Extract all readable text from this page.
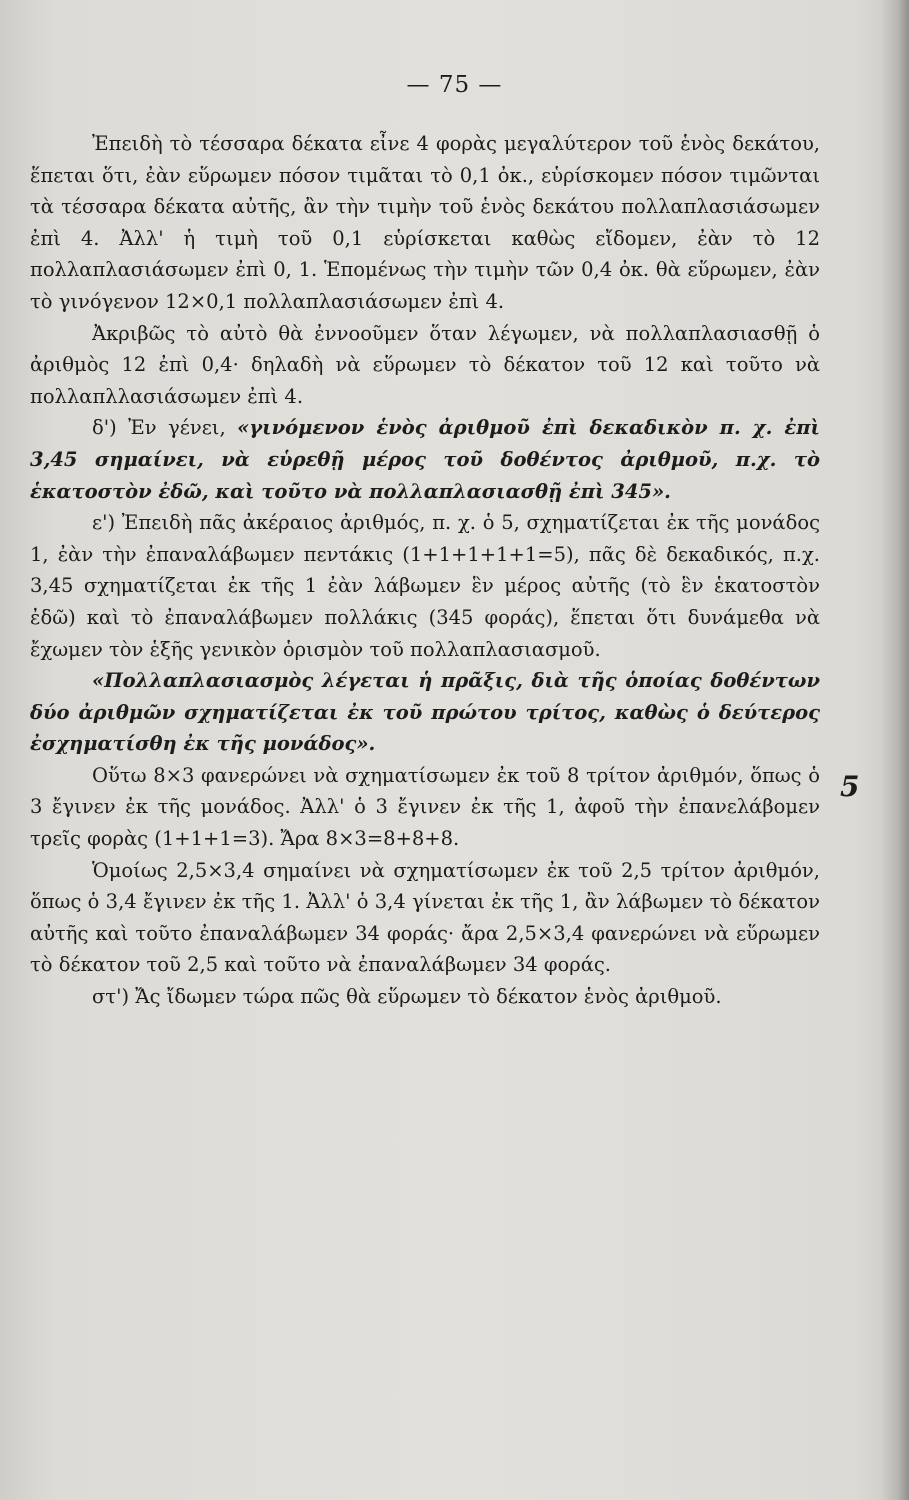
— 75 —

Ἐπειδὴ τὸ τέσσαρα δέκατα εἶνε 4 φορὰς μεγαλύτερον τοῦ ἑνὸς δεκάτου, ἕπεται ὅτι, ἐὰν εὕρωμεν πόσον τιμᾶται τὸ 0,1 ὀκ., εὑρίσκομεν πόσον τιμῶνται τὰ τέσσαρα δέκατα αὐτῆς, ἂν τὴν τιμὴν τοῦ ἑνὸς δεκάτου πολλαπλασιάσωμεν ἐπὶ 4. Ἀλλ' ἡ τιμὴ τοῦ 0,1 εὑρίσκεται καθὼς εἴδομεν, ἐὰν τὸ 12 πολλαπλασιάσωμεν ἐπὶ 0, 1. Ἑπομένως τὴν τιμὴν τῶν 0,4 ὀκ. θὰ εὕρωμεν, ἐὰν τὸ γινόγενον 12×0,1 πολλαπλασιάσωμεν ἐπὶ 4.

Ἀκριβῶς τὸ αὐτὸ θὰ ἐννοοῦμεν ὅταν λέγωμεν, νὰ πολλαπλασιασθῇ ὁ ἀριθμὸς 12 ἐπὶ 0,4· δηλαδὴ νὰ εὕρωμεν τὸ δέκατον τοῦ 12 καὶ τοῦτο νὰ πολλαπλλασιάσωμεν ἐπὶ 4.

δ') Ἐν γένει, «γινόμενον ἑνὸς ἀριθμοῦ ἐπὶ δεκαδικὸν π. χ. ἐπὶ 3,45 σημαίνει, νὰ εὑρεθῇ μέρος τοῦ δοθέντος ἀριθμοῦ, π.χ. τὸ ἑκατοστὸν ἐδῶ, καὶ τοῦτο νὰ πολλαπλασιασθῇ ἐπὶ 345».

ε') Ἐπειδὴ πᾶς ἀκέραιος ἀριθμός, π. χ. ὁ 5, σχηματίζεται ἐκ τῆς μονάδος 1, ἐὰν τὴν ἐπαναλάβωμεν πεντάκις (1+1+1+1+1=5), πᾶς δὲ δεκαδικός, π.χ. 3,45 σχηματίζεται ἐκ τῆς 1 ἐὰν λάβωμεν ἓν μέρος αὐτῆς (τὸ ἓν ἑκατοστὸν ἐδῶ) καὶ τὸ ἐπαναλάβωμεν πολλάκις (345 φοράς), ἕπεται ὅτι δυνάμεθα νὰ ἔχωμεν τὸν ἑξῆς γενικὸν ὁρισμὸν τοῦ πολλαπλασιασμοῦ.

«Πολλαπλασιασμὸς λέγεται ἡ πρᾶξις, διὰ τῆς ὁποίας δοθέντων δύο ἀριθμῶν σχηματίζεται ἐκ τοῦ πρώτου τρίτος, καθὼς ὁ δεύτερος ἐσχηματίσθη ἐκ τῆς μονάδος».

Οὕτω 8×3 φανερώνει νὰ σχηματίσωμεν ἐκ τοῦ 8 τρίτον ἀριθμόν, ὅπως ὁ 3 ἔγινεν ἐκ τῆς μονάδος. Ἀλλ' ὁ 3 ἔγινεν ἐκ τῆς 1, ἀφοῦ τὴν ἐπανελάβομεν τρεῖς φορὰς (1+1+1=3). Ἄρα 8×3=8+8+8.

Ὁμοίως 2,5×3,4 σημαίνει νὰ σχηματίσωμεν ἐκ τοῦ 2,5 τρίτον ἀριθμόν, ὅπως ὁ 3,4 ἔγινεν ἐκ τῆς 1. Ἀλλ' ὁ 3,4 γίνεται ἐκ τῆς 1, ἂν λάβωμεν τὸ δέκατον αὐτῆς καὶ τοῦτο ἐπαναλάβωμεν 34 φοράς· ἄρα 2,5×3,4 φανερώνει νὰ εὕρωμεν τὸ δέκατον τοῦ 2,5 καὶ τοῦτο νὰ ἐπαναλάβωμεν 34 φοράς.

στ') Ἄς ἴδωμεν τώρα πῶς θὰ εὕρωμεν τὸ δέκατον ἑνὸς ἀριθμοῦ.

5
